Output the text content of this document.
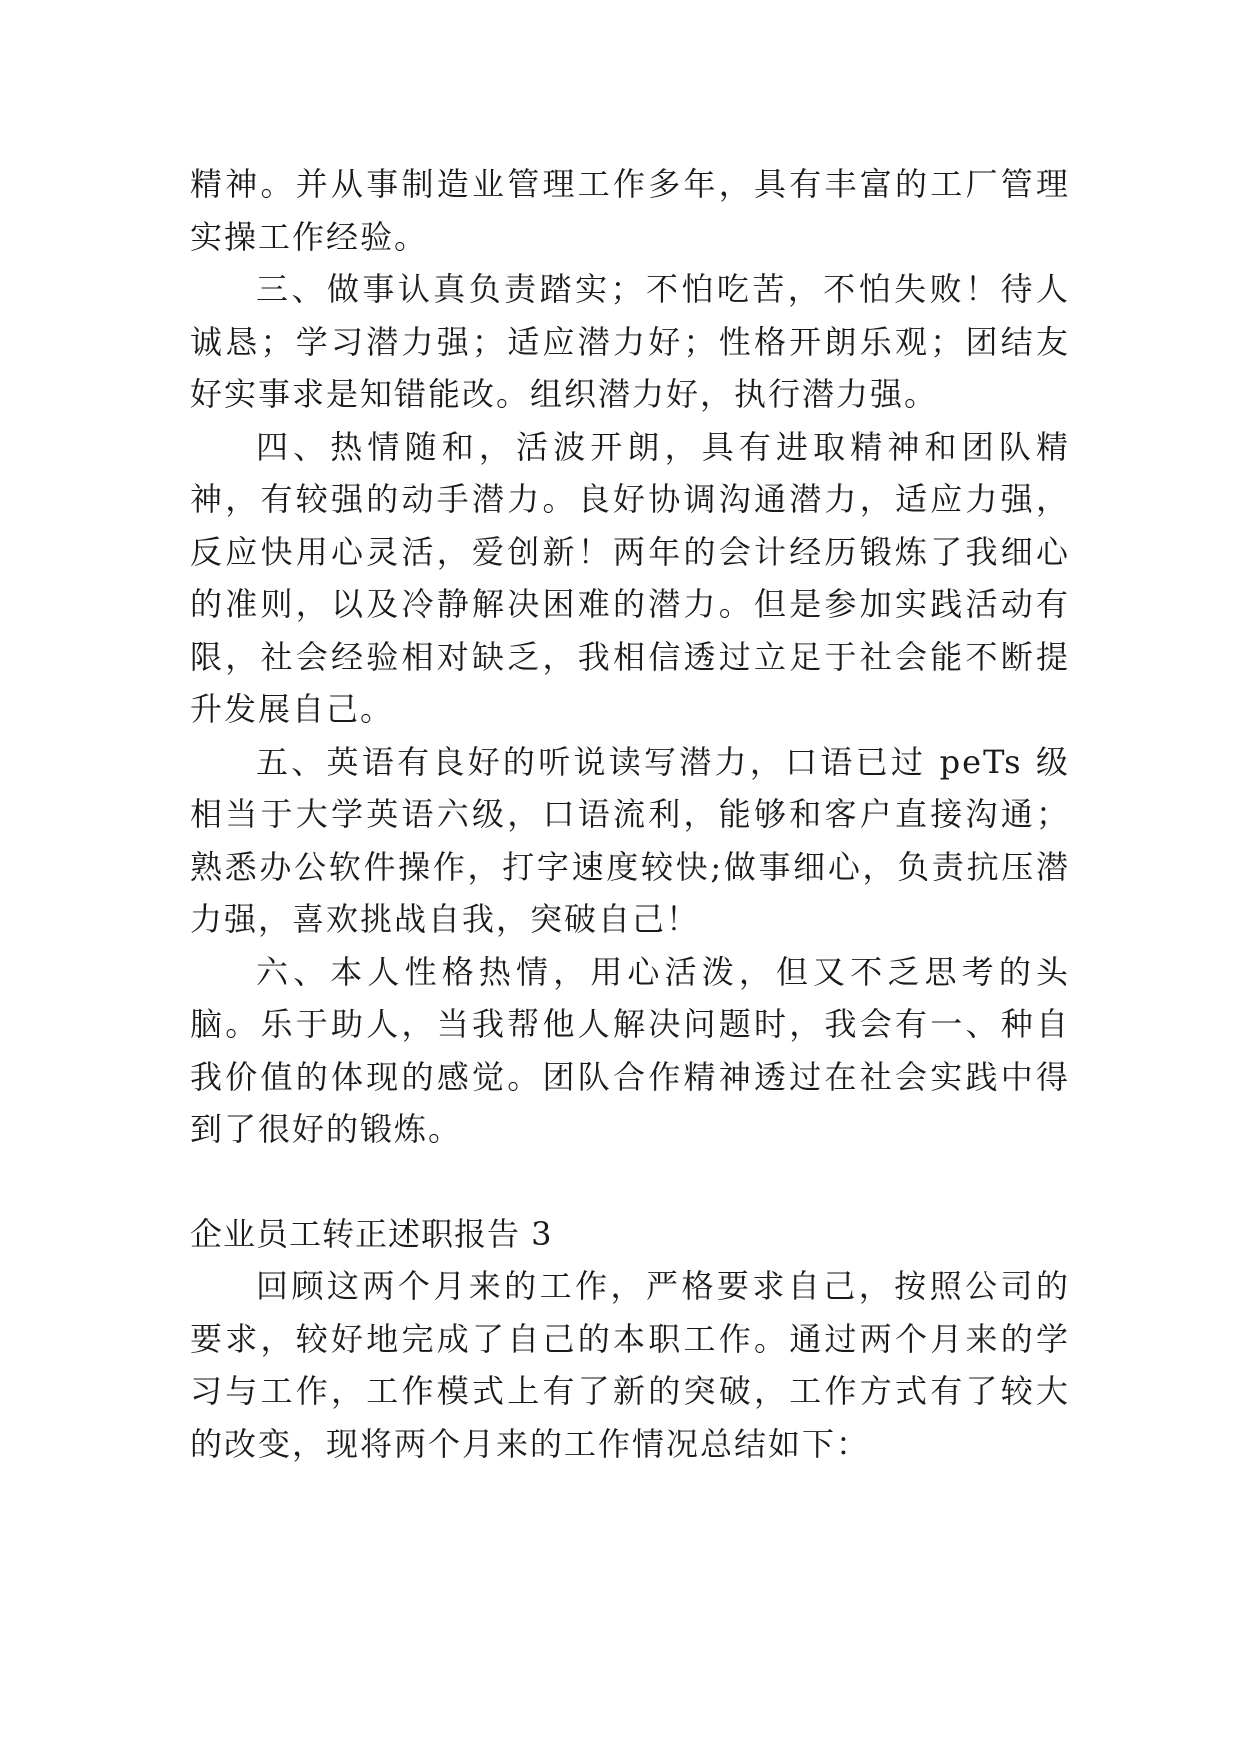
精神。并从事制造业管理工作多年，具有丰富的工厂管理实操工作经验。

三、做事认真负责踏实；不怕吃苦，不怕失败！待人诚恳；学习潜力强；适应潜力好；性格开朗乐观；团结友好实事求是知错能改。组织潜力好，执行潜力强。

四、热情随和，活波开朗，具有进取精神和团队精神，有较强的动手潜力。良好协调沟通潜力，适应力强，反应快用心灵活，爱创新！两年的会计经历锻炼了我细心的准则，以及冷静解决困难的潜力。但是参加实践活动有限，社会经验相对缺乏，我相信透过立足于社会能不断提升发展自己。

五、英语有良好的听说读写潜力，口语已过 peTs 级相当于大学英语六级，口语流利，能够和客户直接沟通；熟悉办公软件操作，打字速度较快;做事细心，负责抗压潜力强，喜欢挑战自我，突破自己！

六、本人性格热情，用心活泼，但又不乏思考的头脑。乐于助人，当我帮他人解决问题时，我会有一、种自我价值的体现的感觉。团队合作精神透过在社会实践中得到了很好的锻炼。

企业员工转正述职报告 3

回顾这两个月来的工作，严格要求自己，按照公司的要求，较好地完成了自己的本职工作。通过两个月来的学习与工作，工作模式上有了新的突破，工作方式有了较大的改变，现将两个月来的工作情况总结如下：
